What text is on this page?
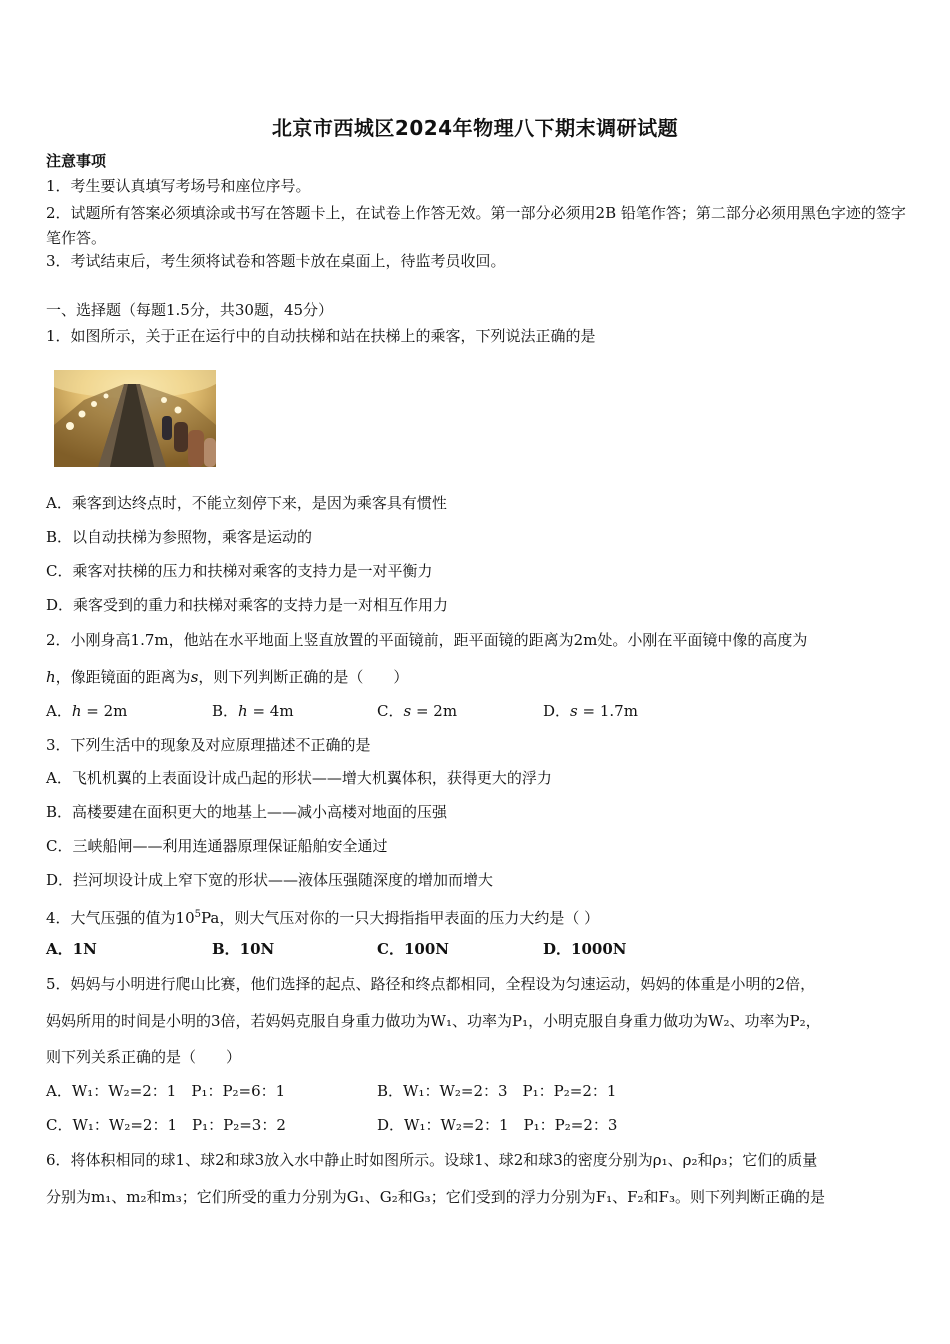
北京市西城区2024年物理八下期末调研试题
注意事项
1．考生要认真填写考场号和座位序号。
2．试题所有答案必须填涂或书写在答题卡上，在试卷上作答无效。第一部分必须用2B 铅笔作答；第二部分必须用黑色字迹的签字笔作答。
3．考试结束后，考生须将试卷和答题卡放在桌面上，待监考员收回。
一、选择题（每题1.5分，共30题，45分）
1．如图所示，关于正在运行中的自动扶梯和站在扶梯上的乘客，下列说法正确的是
A．乘客到达终点时，不能立刻停下来，是因为乘客具有惯性
B．以自动扶梯为参照物，乘客是运动的
C．乘客对扶梯的压力和扶梯对乘客的支持力是一对平衡力
D．乘客受到的重力和扶梯对乘客的支持力是一对相互作用力
2．小刚身高1.7m，他站在水平地面上竖直放置的平面镜前，距平面镜的距离为2m处。小刚在平面镜中像的高度为
h，像距镜面的距离为s，则下列判断正确的是（　　）
A．h = 2m	B．h = 4m	C．s = 2m	D．s = 1.7m
3．下列生活中的现象及对应原理描述不正确的是
A．飞机机翼的上表面设计成凸起的形状——增大机翼体积，获得更大的浮力
B．高楼要建在面积更大的地基上——减小高楼对地面的压强
C．三峡船闸——利用连通器原理保证船舶安全通过
D．拦河坝设计成上窄下宽的形状——液体压强随深度的增加而增大
4．大气压强的值为$10^5Pa$，则大气压对你的一只大拇指指甲表面的压力大约是（ ）
A．1N	B．10N	C．100N	D．1000N
5．妈妈与小明进行爬山比赛，他们选择的起点、路径和终点都相同，全程设为匀速运动，妈妈的体重是小明的2倍，
妈妈所用的时间是小明的3倍，若妈妈克服自身重力做功为W₁、功率为P₁，小明克服自身重力做功为W₂、功率为P₂，
则下列关系正确的是（　　）
A．W₁：W₂=2：1　P₁：P₂=6：1	B．W₁：W₂=2：3　P₁：P₂=2：1
C．W₁：W₂=2：1　P₁：P₂=3：2	D．W₁：W₂=2：1　P₁：P₂=2：3
6．将体积相同的球1、球2和球3放入水中静止时如图所示。设球1、球2和球3的密度分别为ρ₁、ρ₂和ρ₃；它们的质量
分别为m₁、m₂和m₃；它们所受的重力分别为G₁、G₂和G₃；它们受到的浮力分别为F₁、F₂和F₃。则下列判断正确的是
